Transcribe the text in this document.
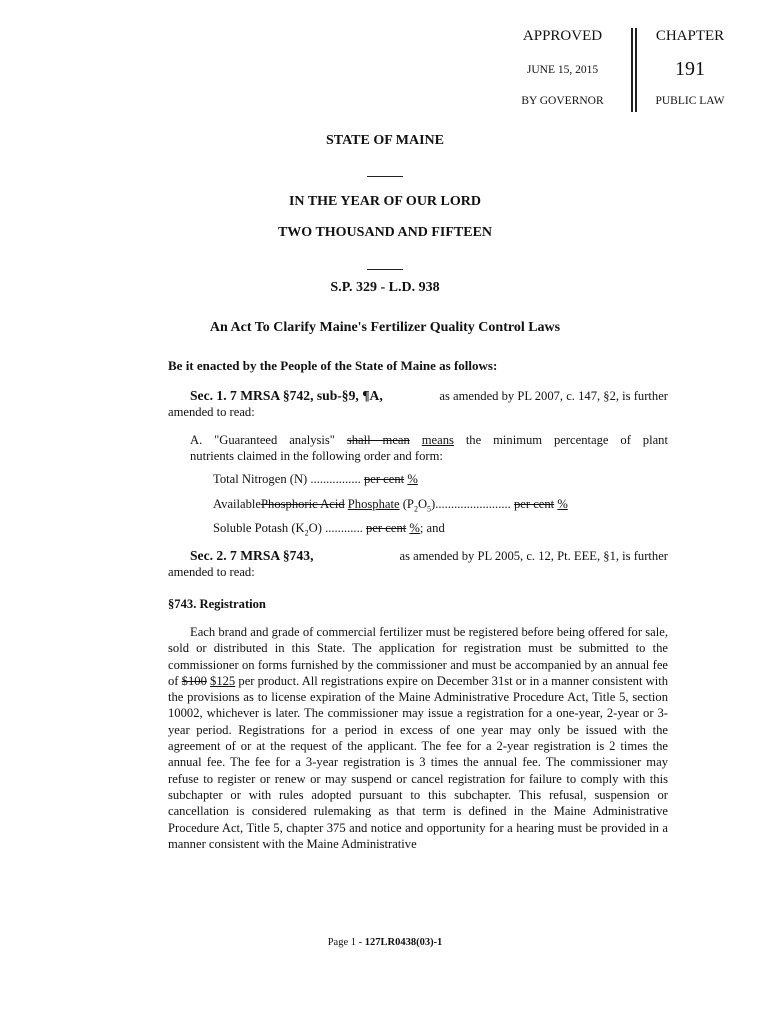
APPROVED
JUNE 15, 2015
BY GOVERNOR
CHAPTER
191
PUBLIC LAW
STATE OF MAINE
IN THE YEAR OF OUR LORD
TWO THOUSAND AND FIFTEEN
S.P. 329 - L.D. 938
An Act To Clarify Maine's Fertilizer Quality Control Laws
Be it enacted by the People of the State of Maine as follows:
Sec. 1. 7 MRSA §742, sub-§9, ¶A,	as amended by PL 2007, c. 147, §2, is further
amended to read:
A. "Guaranteed analysis" shall mean means the minimum percentage of plant
nutrients claimed in the following order and form:
Total Nitrogen (N) ................ per cent %
AvailablePhosphoric Acid Phosphate $(P_2O_5)$........................ per cent %
Soluble Potash $(K_2O)$ ............ per cent %; and
Sec. 2. 7 MRSA §743,	as amended by PL 2005, c. 12, Pt. EEE, §1, is further
amended to read:
§743. Registration
Each brand and grade of commercial fertilizer must be registered before being offered for sale, sold or distributed in this State. The application for registration must be submitted to the commissioner on forms furnished by the commissioner and must be accompanied by an annual fee of $100 $125 per product. All registrations expire on December 31st or in a manner consistent with the provisions as to license expiration of the Maine Administrative Procedure Act, Title 5, section 10002, whichever is later. The commissioner may issue a registration for a one-year, 2-year or 3-year period. Registrations for a period in excess of one year may only be issued with the agreement of or at the request of the applicant. The fee for a 2-year registration is 2 times the annual fee. The fee for a 3-year registration is 3 times the annual fee. The commissioner may refuse to register or renew or may suspend or cancel registration for failure to comply with this subchapter or with rules adopted pursuant to this subchapter. This refusal, suspension or cancellation is considered rulemaking as that term is defined in the Maine Administrative Procedure Act, Title 5, chapter 375 and notice and opportunity for a hearing must be provided in a manner consistent with the Maine Administrative
Page 1 - 127LR0438(03)-1
